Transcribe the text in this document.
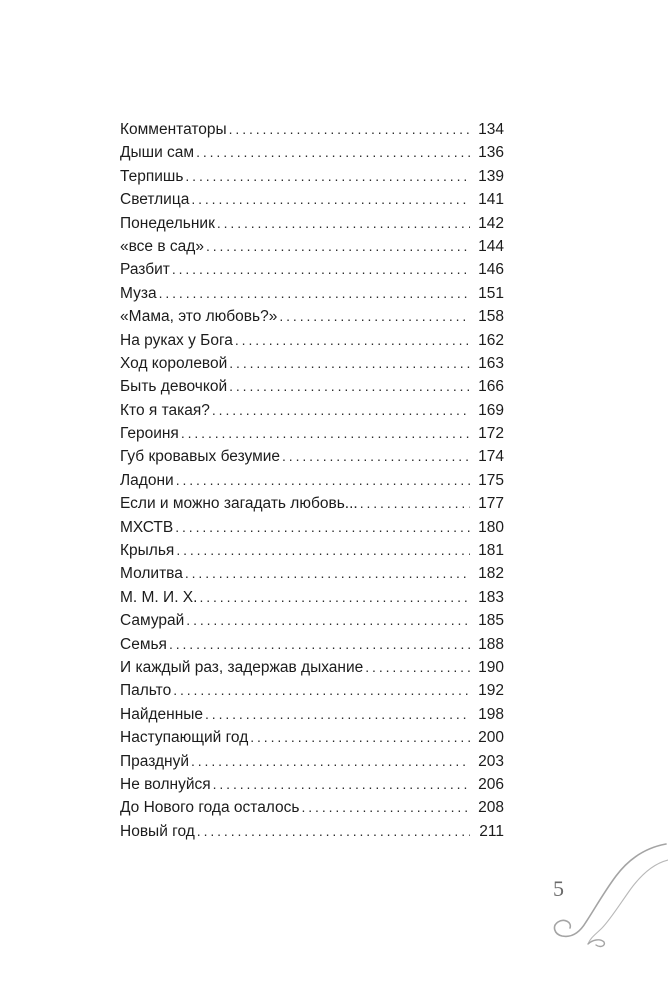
Комментаторы . . .	134
Дыши сам . . .	136
Терпишь . . .	139
Светлица . . .	141
Понедельник . . .	142
«все в сад» . . .	144
Разбит . . .	146
Муза . . .	151
«Мама, это любовь?» . . .	158
На руках у Бога . . .	162
Ход королевой . . .	163
Быть девочкой . . .	166
Кто я такая? . . .	169
Героиня . . .	172
Губ кровавых безумие . . .	174
Ладони . . .	175
Если и можно загадать любовь... . . .	177
МХСТВ . . .	180
Крылья . . .	181
Молитва . . .	182
М. М. И. Х. . . .	183
Самурай . . .	185
Семья . . .	188
И каждый раз, задержав дыхание . . .	190
Пальто . . .	192
Найденные . . .	198
Наступающий год . . .	200
Празднуй . . .	203
Не волнуйся . . .	206
До Нового года осталось . . .	208
Новый год . . .	211
5
